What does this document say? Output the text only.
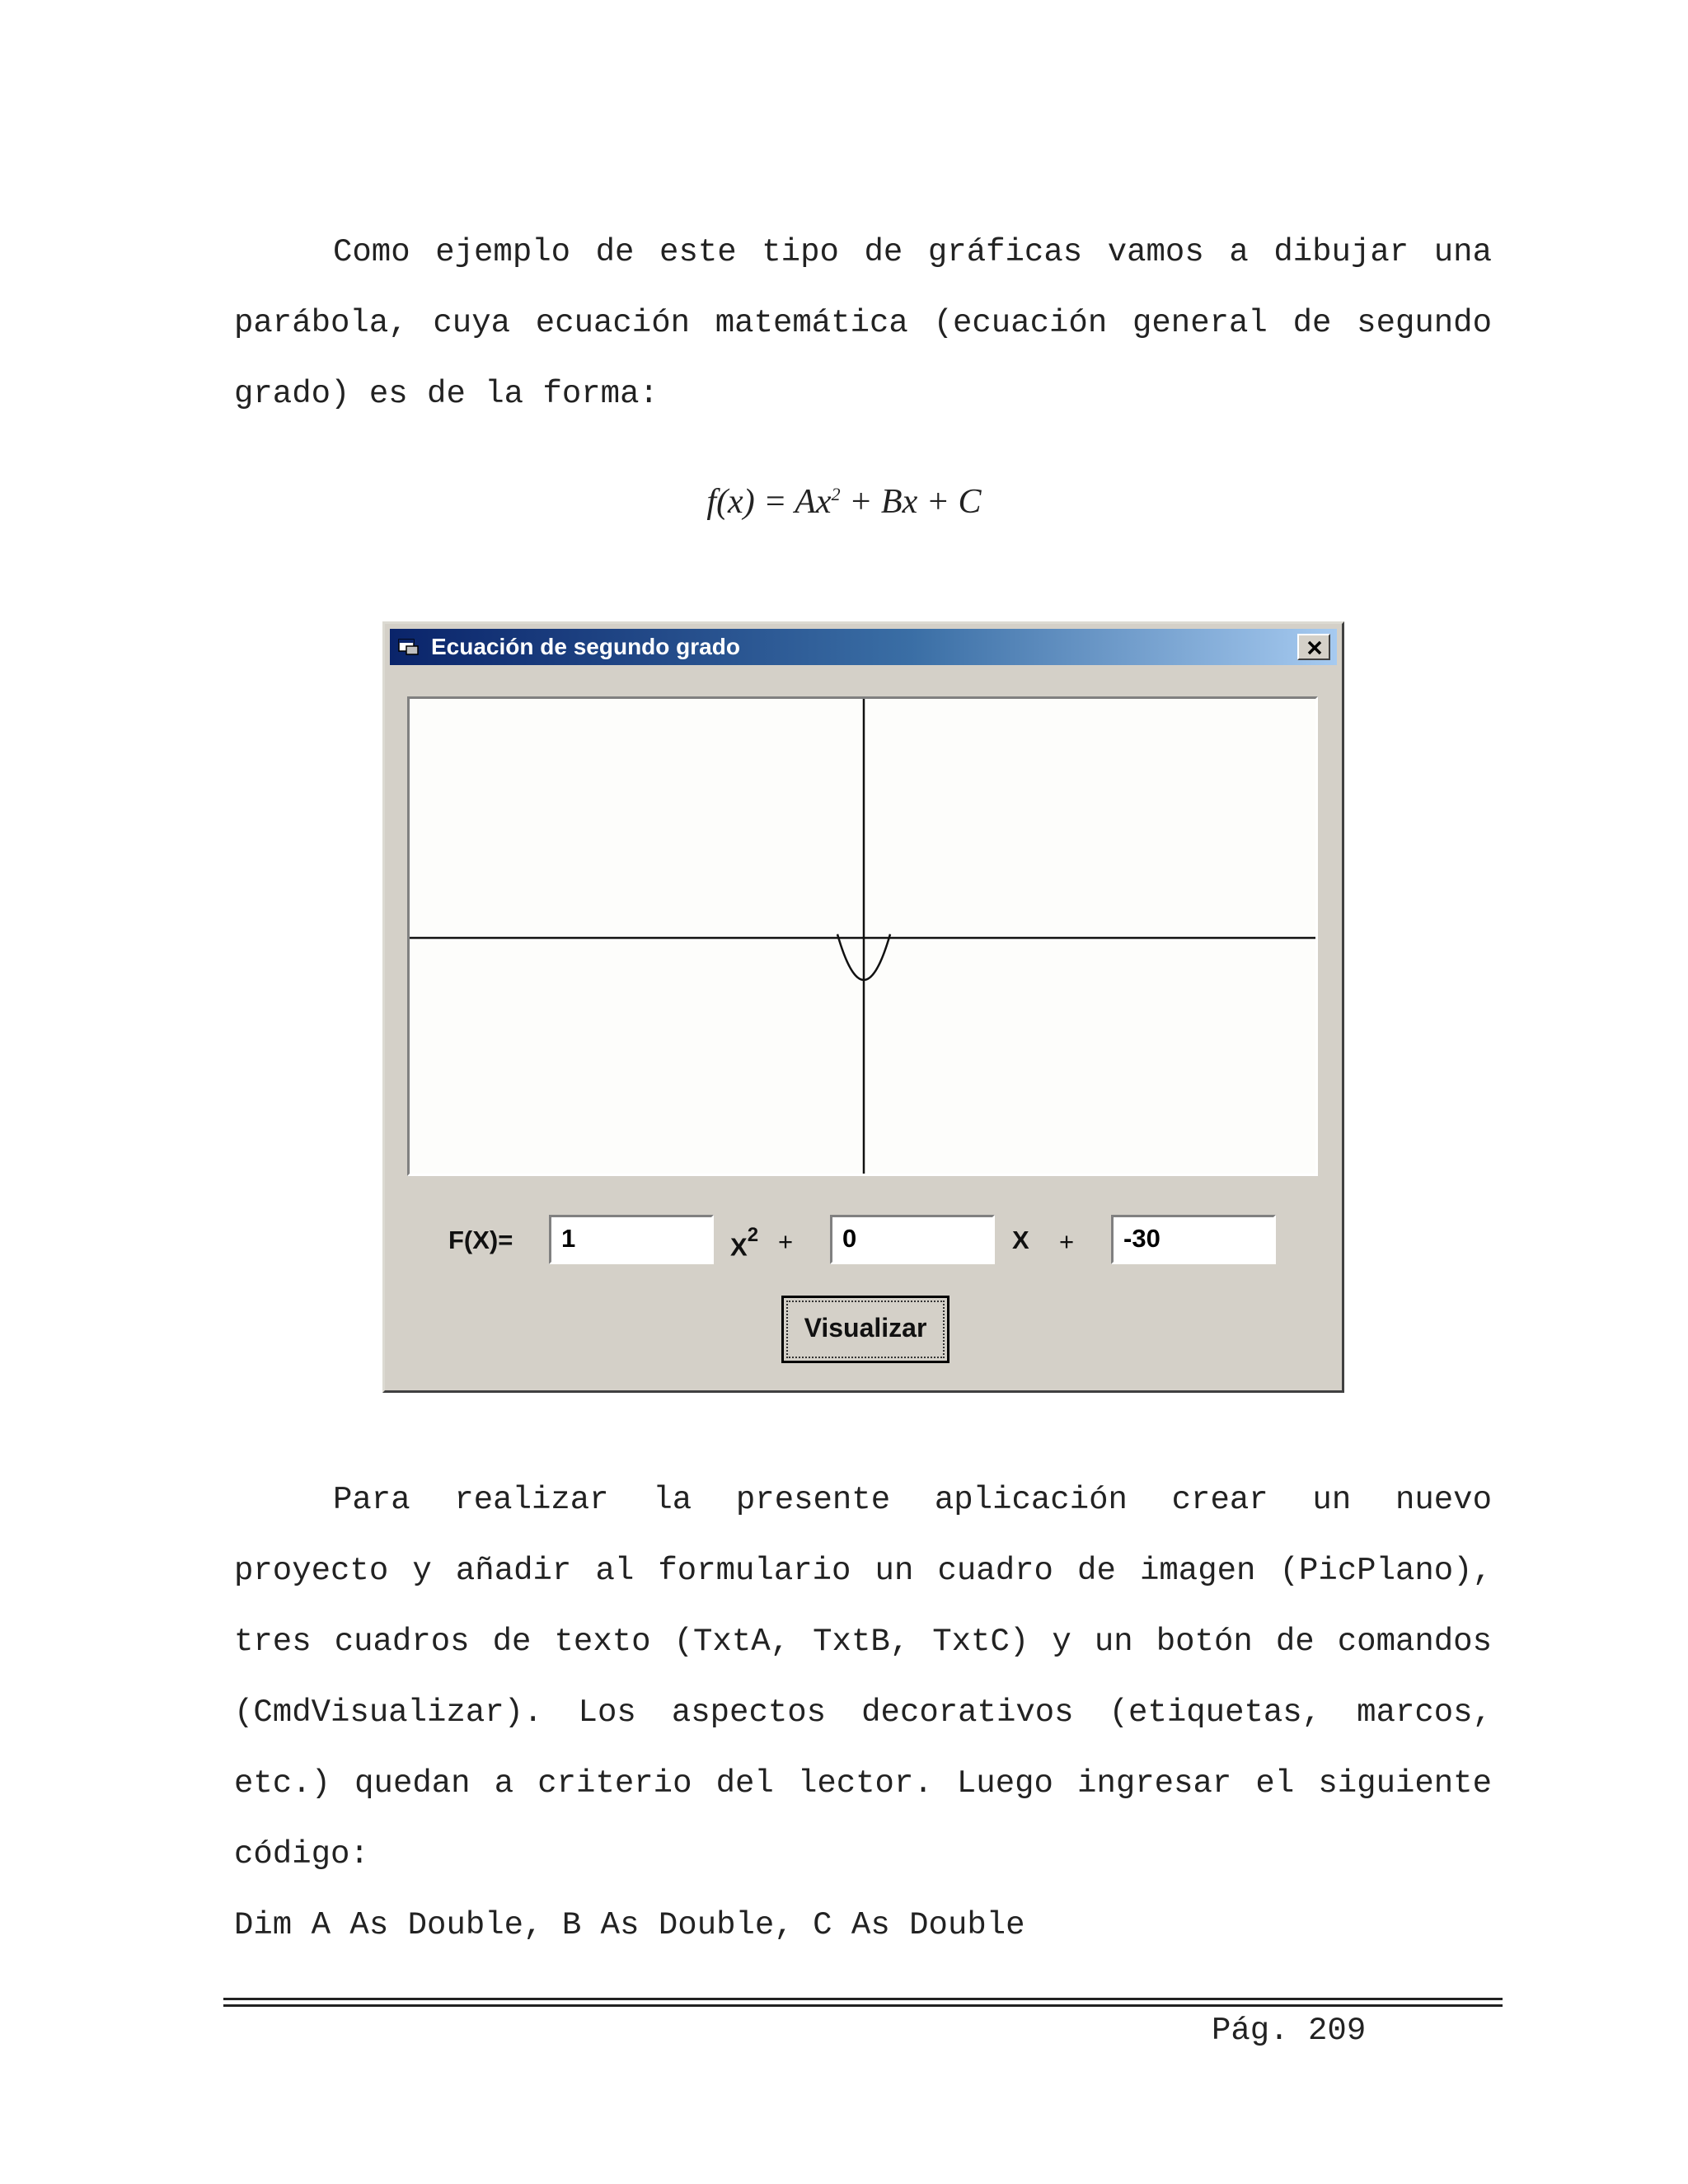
Como ejemplo de este tipo de gráficas vamos a dibujar una
parábola, cuya ecuación matemática (ecuación general de segundo
grado) es de la forma:
$f(x) = Ax^2 + Bx + C$
Ecuación de segundo grado
F(X)=	1	$X^2$ +	0	X +	-30
Visualizar
Para realizar la presente aplicación crear un nuevo
proyecto y añadir al formulario un cuadro de imagen (PicPlano),
tres cuadros de texto (TxtA, TxtB, TxtC) y un botón de comandos
(CmdVisualizar). Los aspectos decorativos (etiquetas, marcos,
etc.) quedan a criterio del lector. Luego ingresar el siguiente
código:
Dim A As Double, B As Double, C As Double
Pág. 209
